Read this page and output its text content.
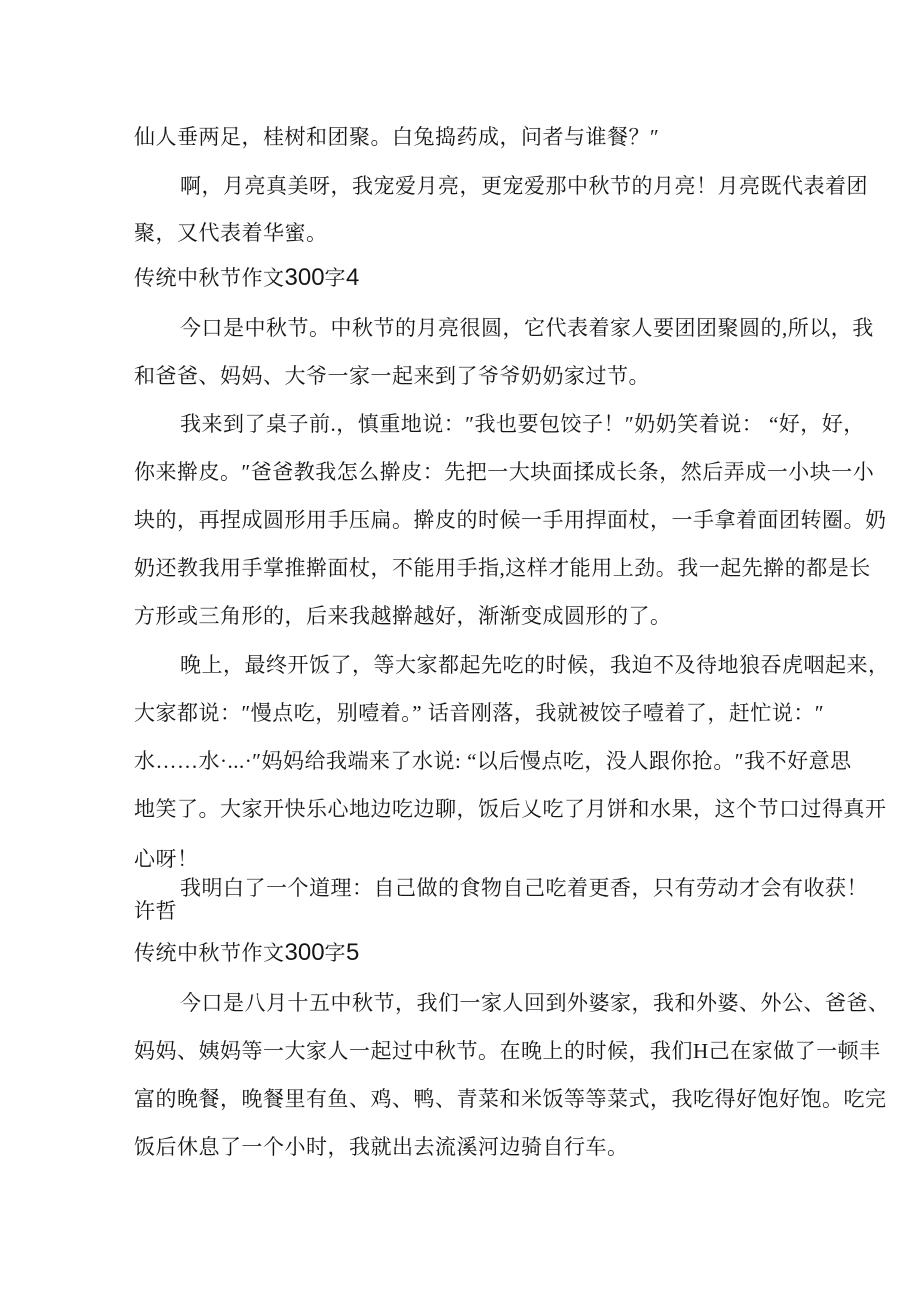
仙人垂两足，桂树和团聚。白兔捣药成，问者与谁餐？″
啊，月亮真美呀，我宠爱月亮，更宠爱那中秋节的月亮！月亮既代表着团
聚，又代表着华蜜。
传统中秋节作文300字4
今口是中秋节。中秋节的月亮很圆，它代表着家人要团团聚圆的,所以，我
和爸爸、妈妈、大爷一家一起来到了爷爷奶奶家过节。
我来到了桌子前.，慎重地说：″我也要包饺子！″奶奶笑着说： “好，好，
你来擀皮。″爸爸教我怎么擀皮：先把一大块面揉成长条，然后弄成一小块一小
块的，再捏成圆形用手压扁。擀皮的时候一手用捍面杖，一手拿着面团转圈。奶
奶还教我用手掌推擀面杖，不能用手指,这样才能用上劲。我一起先擀的都是长
方形或三角形的，后来我越擀越好，渐渐变成圆形的了。
晚上，最终开饭了，等大家都起先吃的时候，我迫不及待地狼吞虎咽起来，
大家都说：″慢点吃，别噎着。” 话音刚落，我就被饺子噎着了，赶忙说：″
水……水·...·″妈妈给我端来了水说: “以后慢点吃，没人跟你抢。″我不好意思
地笑了。大家开快乐心地边吃边聊，饭后乂吃了月饼和水果，这个节口过得真开
心呀！
我明白了一个道理：自己做的食物自己吃着更香，只有劳动才会有收获！
许哲
传统中秋节作文300字5
今口是八月十五中秋节，我们一家人回到外婆家，我和外婆、外公、爸爸、
妈妈、姨妈等一大家人一起过中秋节。在晚上的时候，我们H己在家做了一顿丰
富的晚餐，晚餐里有鱼、鸡、鸭、青菜和米饭等等菜式，我吃得好饱好饱。吃完
饭后休息了一个小时，我就出去流溪河边骑自行车。
